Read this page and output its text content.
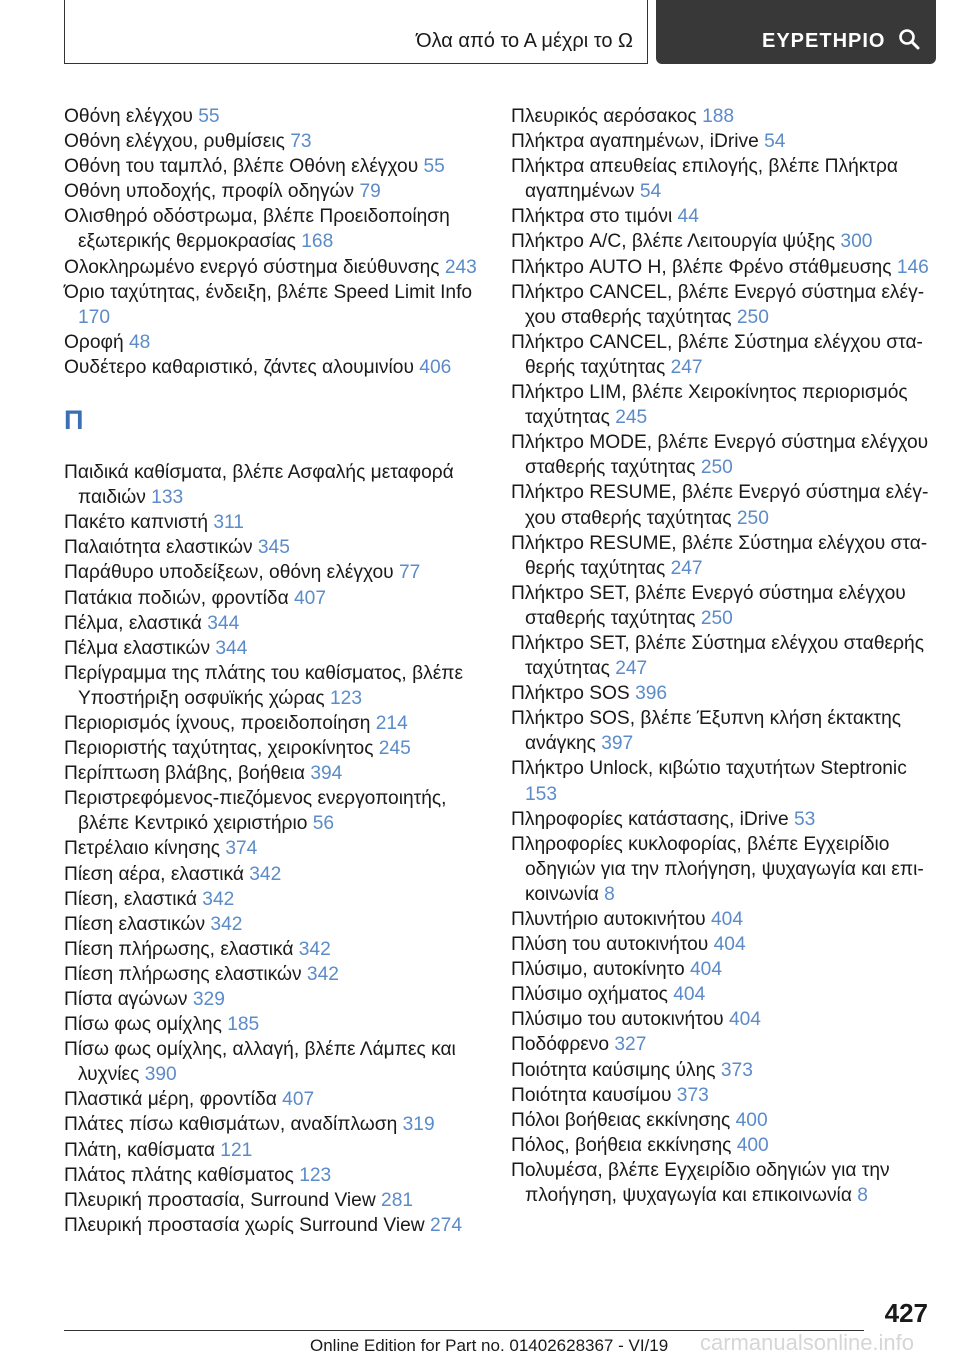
Όλα από το Α μέχρι το Ω	ΕΥΡΕΤΗΡΙΟ

Οθόνη ελέγχου 55

Οθόνη ελέγχου, ρυθμίσεις 73

Οθόνη του ταμπλό, βλέπε Οθόνη ελέγχου 55

Οθόνη υποδοχής, προφίλ οδηγών 79

Ολισθηρό οδόστρωμα, βλέπε Προειδοποίηση εξωτερικής θερμοκρασίας 168

Ολοκληρωμένο ενεργό σύστημα διεύθυνσης 243

Όριο ταχύτητας, ένδειξη, βλέπε Speed Limit Info 170

Οροφή 48

Ουδέτερο καθαριστικό, ζάντες αλουμινίου 406

Π

Παιδικά καθίσματα, βλέπε Ασφαλής μεταφορά παιδιών 133

Πακέτο καπνιστή 311

Παλαιότητα ελαστικών 345

Παράθυρο υποδείξεων, οθόνη ελέγχου 77

Πατάκια ποδιών, φροντίδα 407

Πέλμα, ελαστικά 344

Πέλμα ελαστικών 344

Περίγραμμα της πλάτης του καθίσματος, βλέπε Υποστήριξη οσφυϊκής χώρας 123

Περιορισμός ίχνους, προειδοποίηση 214

Περιοριστής ταχύτητας, χειροκίνητος 245

Περίπτωση βλάβης, βοήθεια 394

Περιστρεφόμενος-πιεζόμενος ενεργοποιητής, βλέπε Κεντρικό χειριστήριο 56

Πετρέλαιο κίνησης 374

Πίεση αέρα, ελαστικά 342

Πίεση, ελαστικά 342

Πίεση ελαστικών 342

Πίεση πλήρωσης, ελαστικά 342

Πίεση πλήρωσης ελαστικών 342

Πίστα αγώνων 329

Πίσω φως ομίχλης 185

Πίσω φως ομίχλης, αλλαγή, βλέπε Λάμπες και λυχνίες 390

Πλαστικά μέρη, φροντίδα 407

Πλάτες πίσω καθισμάτων, αναδίπλωση 319

Πλάτη, καθίσματα 121

Πλάτος πλάτης καθίσματος 123

Πλευρική προστασία, Surround View 281

Πλευρική προστασία χωρίς Surround View 274

Πλευρικός αερόσακος 188

Πλήκτρα αγαπημένων, iDrive 54

Πλήκτρα απευθείας επιλογής, βλέπε Πλήκτρα αγαπημένων 54

Πλήκτρα στο τιμόνι 44

Πλήκτρο A/C, βλέπε Λειτουργία ψύξης 300

Πλήκτρο AUTO H, βλέπε Φρένο στάθμευσης 146

Πλήκτρο CANCEL, βλέπε Ενεργό σύστημα ελέγχου σταθερής ταχύτητας 250

Πλήκτρο CANCEL, βλέπε Σύστημα ελέγχου σταθερής ταχύτητας 247

Πλήκτρο LIM, βλέπε Χειροκίνητος περιορισμός ταχύτητας 245

Πλήκτρο MODE, βλέπε Ενεργό σύστημα ελέγχου σταθερής ταχύτητας 250

Πλήκτρο RESUME, βλέπε Ενεργό σύστημα ελέγχου σταθερής ταχύτητας 250

Πλήκτρο RESUME, βλέπε Σύστημα ελέγχου σταθερής ταχύτητας 247

Πλήκτρο SET, βλέπε Ενεργό σύστημα ελέγχου σταθερής ταχύτητας 250

Πλήκτρο SET, βλέπε Σύστημα ελέγχου σταθερής ταχύτητας 247

Πλήκτρο SOS 396

Πλήκτρο SOS, βλέπε Έξυπνη κλήση έκτακτης ανάγκης 397

Πλήκτρο Unlock, κιβώτιο ταχυτήτων Steptronic 153

Πληροφορίες κατάστασης, iDrive 53

Πληροφορίες κυκλοφορίας, βλέπε Εγχειρίδιο οδηγιών για την πλοήγηση, ψυχαγωγία και επικοινωνία 8

Πλυντήριο αυτοκινήτου 404

Πλύση του αυτοκινήτου 404

Πλύσιμο, αυτοκίνητο 404

Πλύσιμο οχήματος 404

Πλύσιμο του αυτοκινήτου 404

Ποδόφρενο 327

Ποιότητα καύσιμης ύλης 373

Ποιότητα καυσίμου 373

Πόλοι βοήθειας εκκίνησης 400

Πόλος, βοήθεια εκκίνησης 400

Πολυμέσα, βλέπε Εγχειρίδιο οδηγιών για την πλοήγηση, ψυχαγωγία και επικοινωνία 8

427
Online Edition for Part no. 01402628367 - VI/19 carmanualsonline.info
